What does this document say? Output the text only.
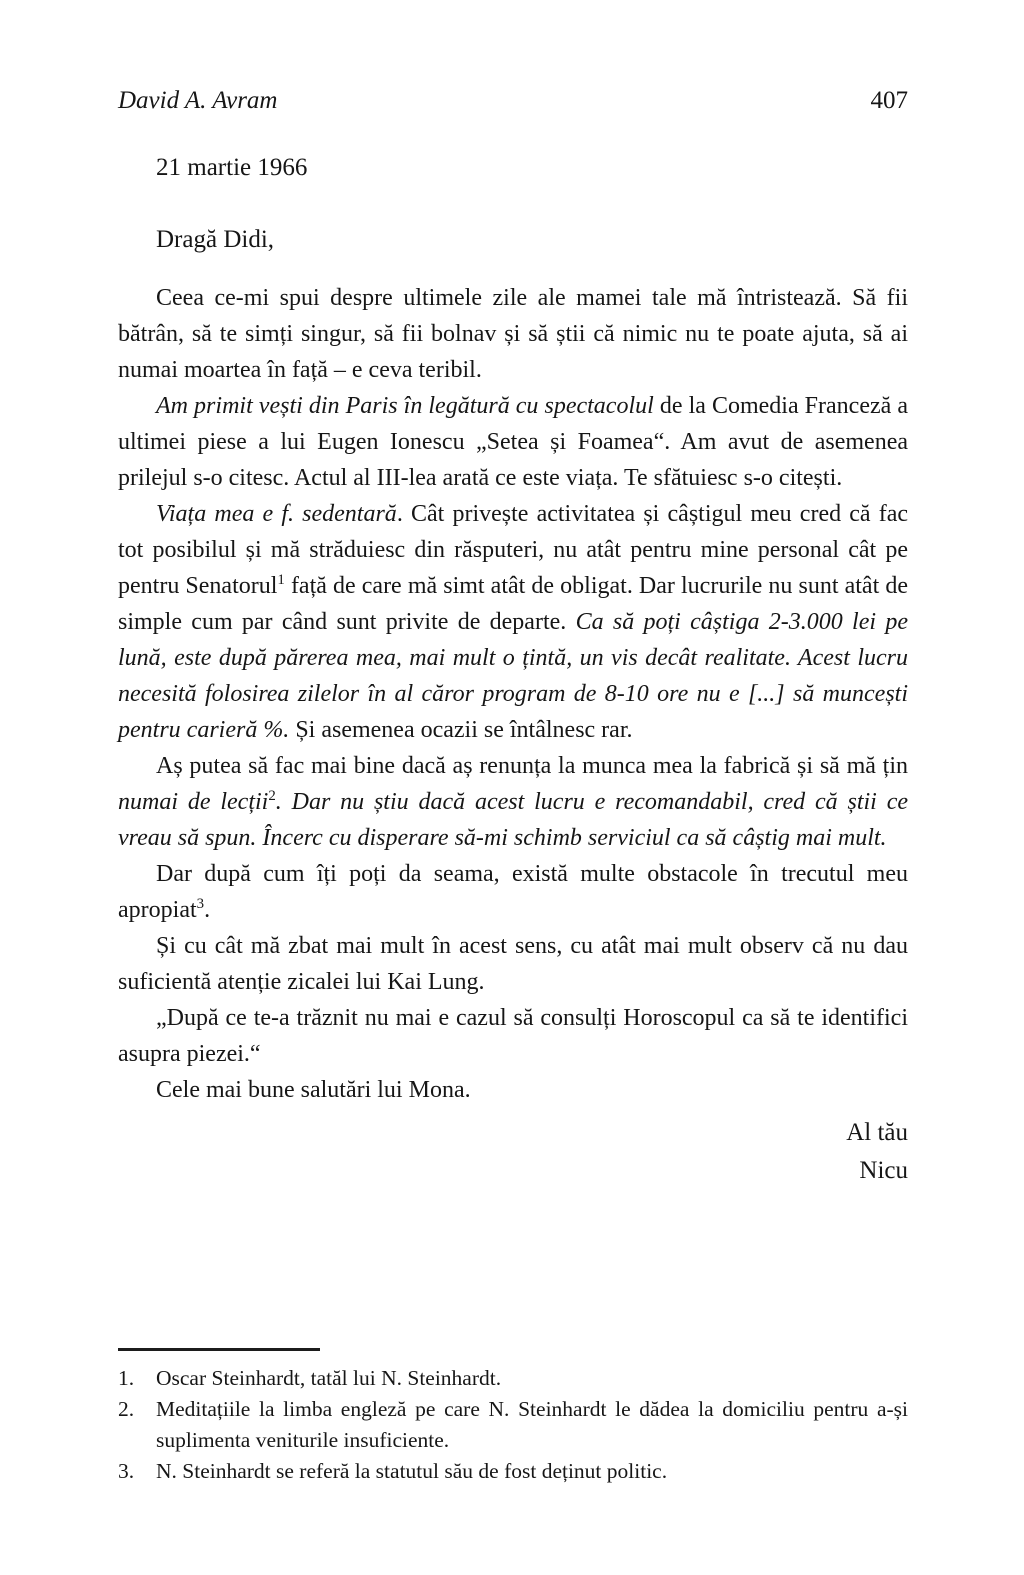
David A. Avram	407

21 martie 1966

Dragă Didi,

Ceea ce-mi spui despre ultimele zile ale mamei tale mă întristează. Să fii bătrân, să te simți singur, să fii bolnav și să știi că nimic nu te poate ajuta, să ai numai moartea în față – e ceva teribil.

Am primit vești din Paris în legătură cu spectacolul de la Comedia Franceză a ultimei piese a lui Eugen Ionescu „Setea și Foamea“. Am avut de asemenea prilejul s-o citesc. Actul al III-lea arată ce este viața. Te sfătuiesc s-o citești.

Viața mea e f. sedentară. Cât privește activitatea și câștigul meu cred că fac tot posibilul și mă străduiesc din răsputeri, nu atât pentru mine personal cât pe pentru Senatorul$^1$ față de care mă simt atât de obligat. Dar lucrurile nu sunt atât de simple cum par când sunt privite de departe. Ca să poți câștiga 2-3.000 lei pe lună, este după părerea mea, mai mult o țintă, un vis decât realitate. Acest lucru necesită folosirea zilelor în al căror program de 8-10 ore nu e [...] să muncești pentru carieră %. Și asemenea ocazii se întâlnesc rar.

Aș putea să fac mai bine dacă aș renunța la munca mea la fabrică și să mă țin numai de lecții$^2$. Dar nu știu dacă acest lucru e recomandabil, cred că știi ce vreau să spun. Încerc cu disperare să-mi schimb serviciul ca să câștig mai mult.

Dar după cum îți poți da seama, există multe obstacole în trecutul meu apropiat$^3$.

Și cu cât mă zbat mai mult în acest sens, cu atât mai mult observ că nu dau suficientă atenție zicalei lui Kai Lung.

„După ce te-a trăznit nu mai e cazul să consulți Horoscopul ca să te identifici asupra piezei.“

Cele mai bune salutări lui Mona.

Al tău
Nicu
1.	Oscar Steinhardt, tatăl lui N. Steinhardt.
2.	Meditațiile la limba engleză pe care N. Steinhardt le dădea la domiciliu pentru a-și suplimenta veniturile insuficiente.
3.	N. Steinhardt se referă la statutul său de fost deținut politic.
